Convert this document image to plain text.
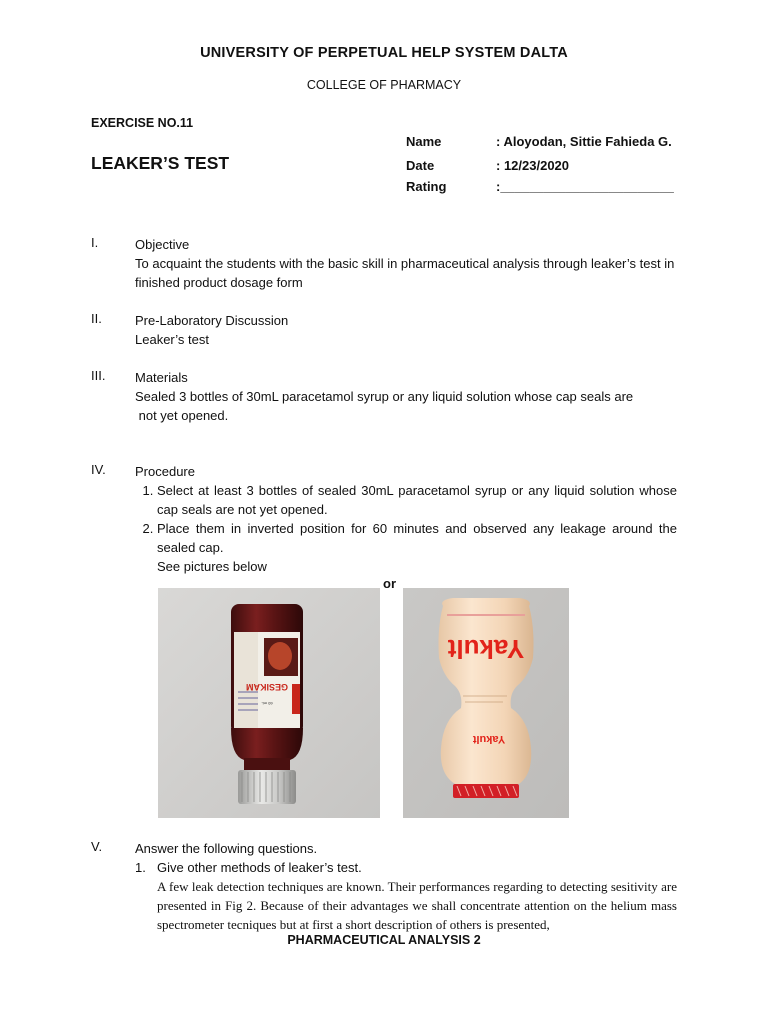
UNIVERSITY OF PERPETUAL HELP SYSTEM DALTA
COLLEGE OF PHARMACY
EXERCISE NO.11
LEAKER’S TEST
Name	: Aloyodan, Sittie Fahieda G.
Date	: 12/23/2020
Rating	:________________________
I.	Objective
To acquaint the students with the basic skill in pharmaceutical analysis through leaker’s test in finished product dosage form
II.	Pre-Laboratory Discussion
Leaker’s test
III. Materials
Sealed 3 bottles of 30mL paracetamol syrup or any liquid solution whose cap seals are
not yet opened.
IV. Procedure
1. Select at least 3 bottles of sealed 30mL paracetamol syrup or any liquid solution whose cap seals are not yet opened.
2. Place them in inverted position for 60 minutes and observed any leakage around the sealed cap.
See pictures below
or
GESIKAM
60 mL
Yakult
Yakult
V.	Answer the following questions.
1. Give other methods of leaker’s test.
A few leak detection techniques are known. Their performances regarding to detecting sesitivity are presented in Fig 2. Because of their advantages we shall concentrate attention on the helium mass spectrometer tecniques but at first a short description of others is presented,
PHARMACEUTICAL ANALYSIS 2
